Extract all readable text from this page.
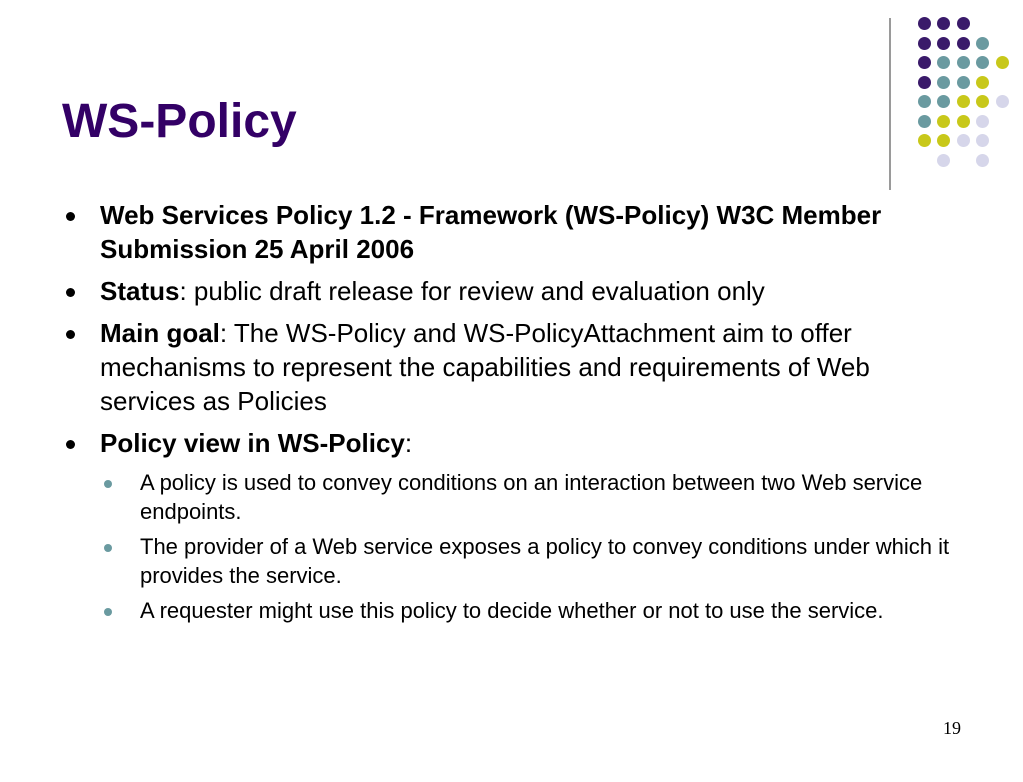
WS-Policy
Web Services Policy 1.2 - Framework (WS-Policy) W3C Member Submission 25 April 2006
Status: public draft release for review and evaluation only
Main goal: The WS-Policy and WS-PolicyAttachment aim to offer mechanisms to represent the capabilities and requirements of Web services as Policies
Policy view in WS-Policy:
A policy is used to convey conditions on an interaction between two Web service endpoints.
The provider of a Web service exposes a policy to convey conditions under which it provides the service.
A requester might use this policy to decide whether or not to use the service.
19
